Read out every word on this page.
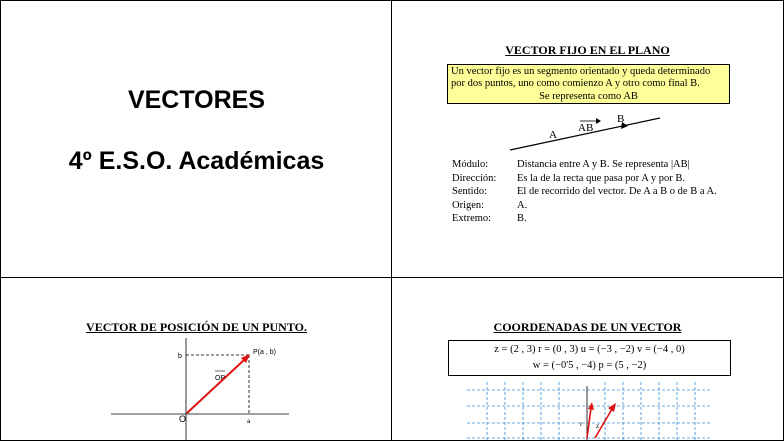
VECTORES
4º E.S.O. Académicas
VECTOR FIJO EN EL PLANO
Un vector fijo es un segmento orientado y queda determinado
por dos puntos, uno como comienzo A y otro como final B.
Se representa como AB
A
B
AB
Módulo:	Distancia entre A y B. Se representa |AB|
Dirección:	Es la de la recta que pasa por A y por B.
Sentido:	El de recorrido del vector. De A a B o de B a A.
Origen:	A.
Extremo:	B.
VECTOR DE POSICIÓN DE UN PUNTO.
b
P(a , b)
a
O
OP
COORDENADAS DE UN VECTOR
z = (2 , 3) r = (0 , 3) u = (−3 , −2) v = (−4 , 0)
w = (−0'5 , −4) p = (5 , −2)
r z
